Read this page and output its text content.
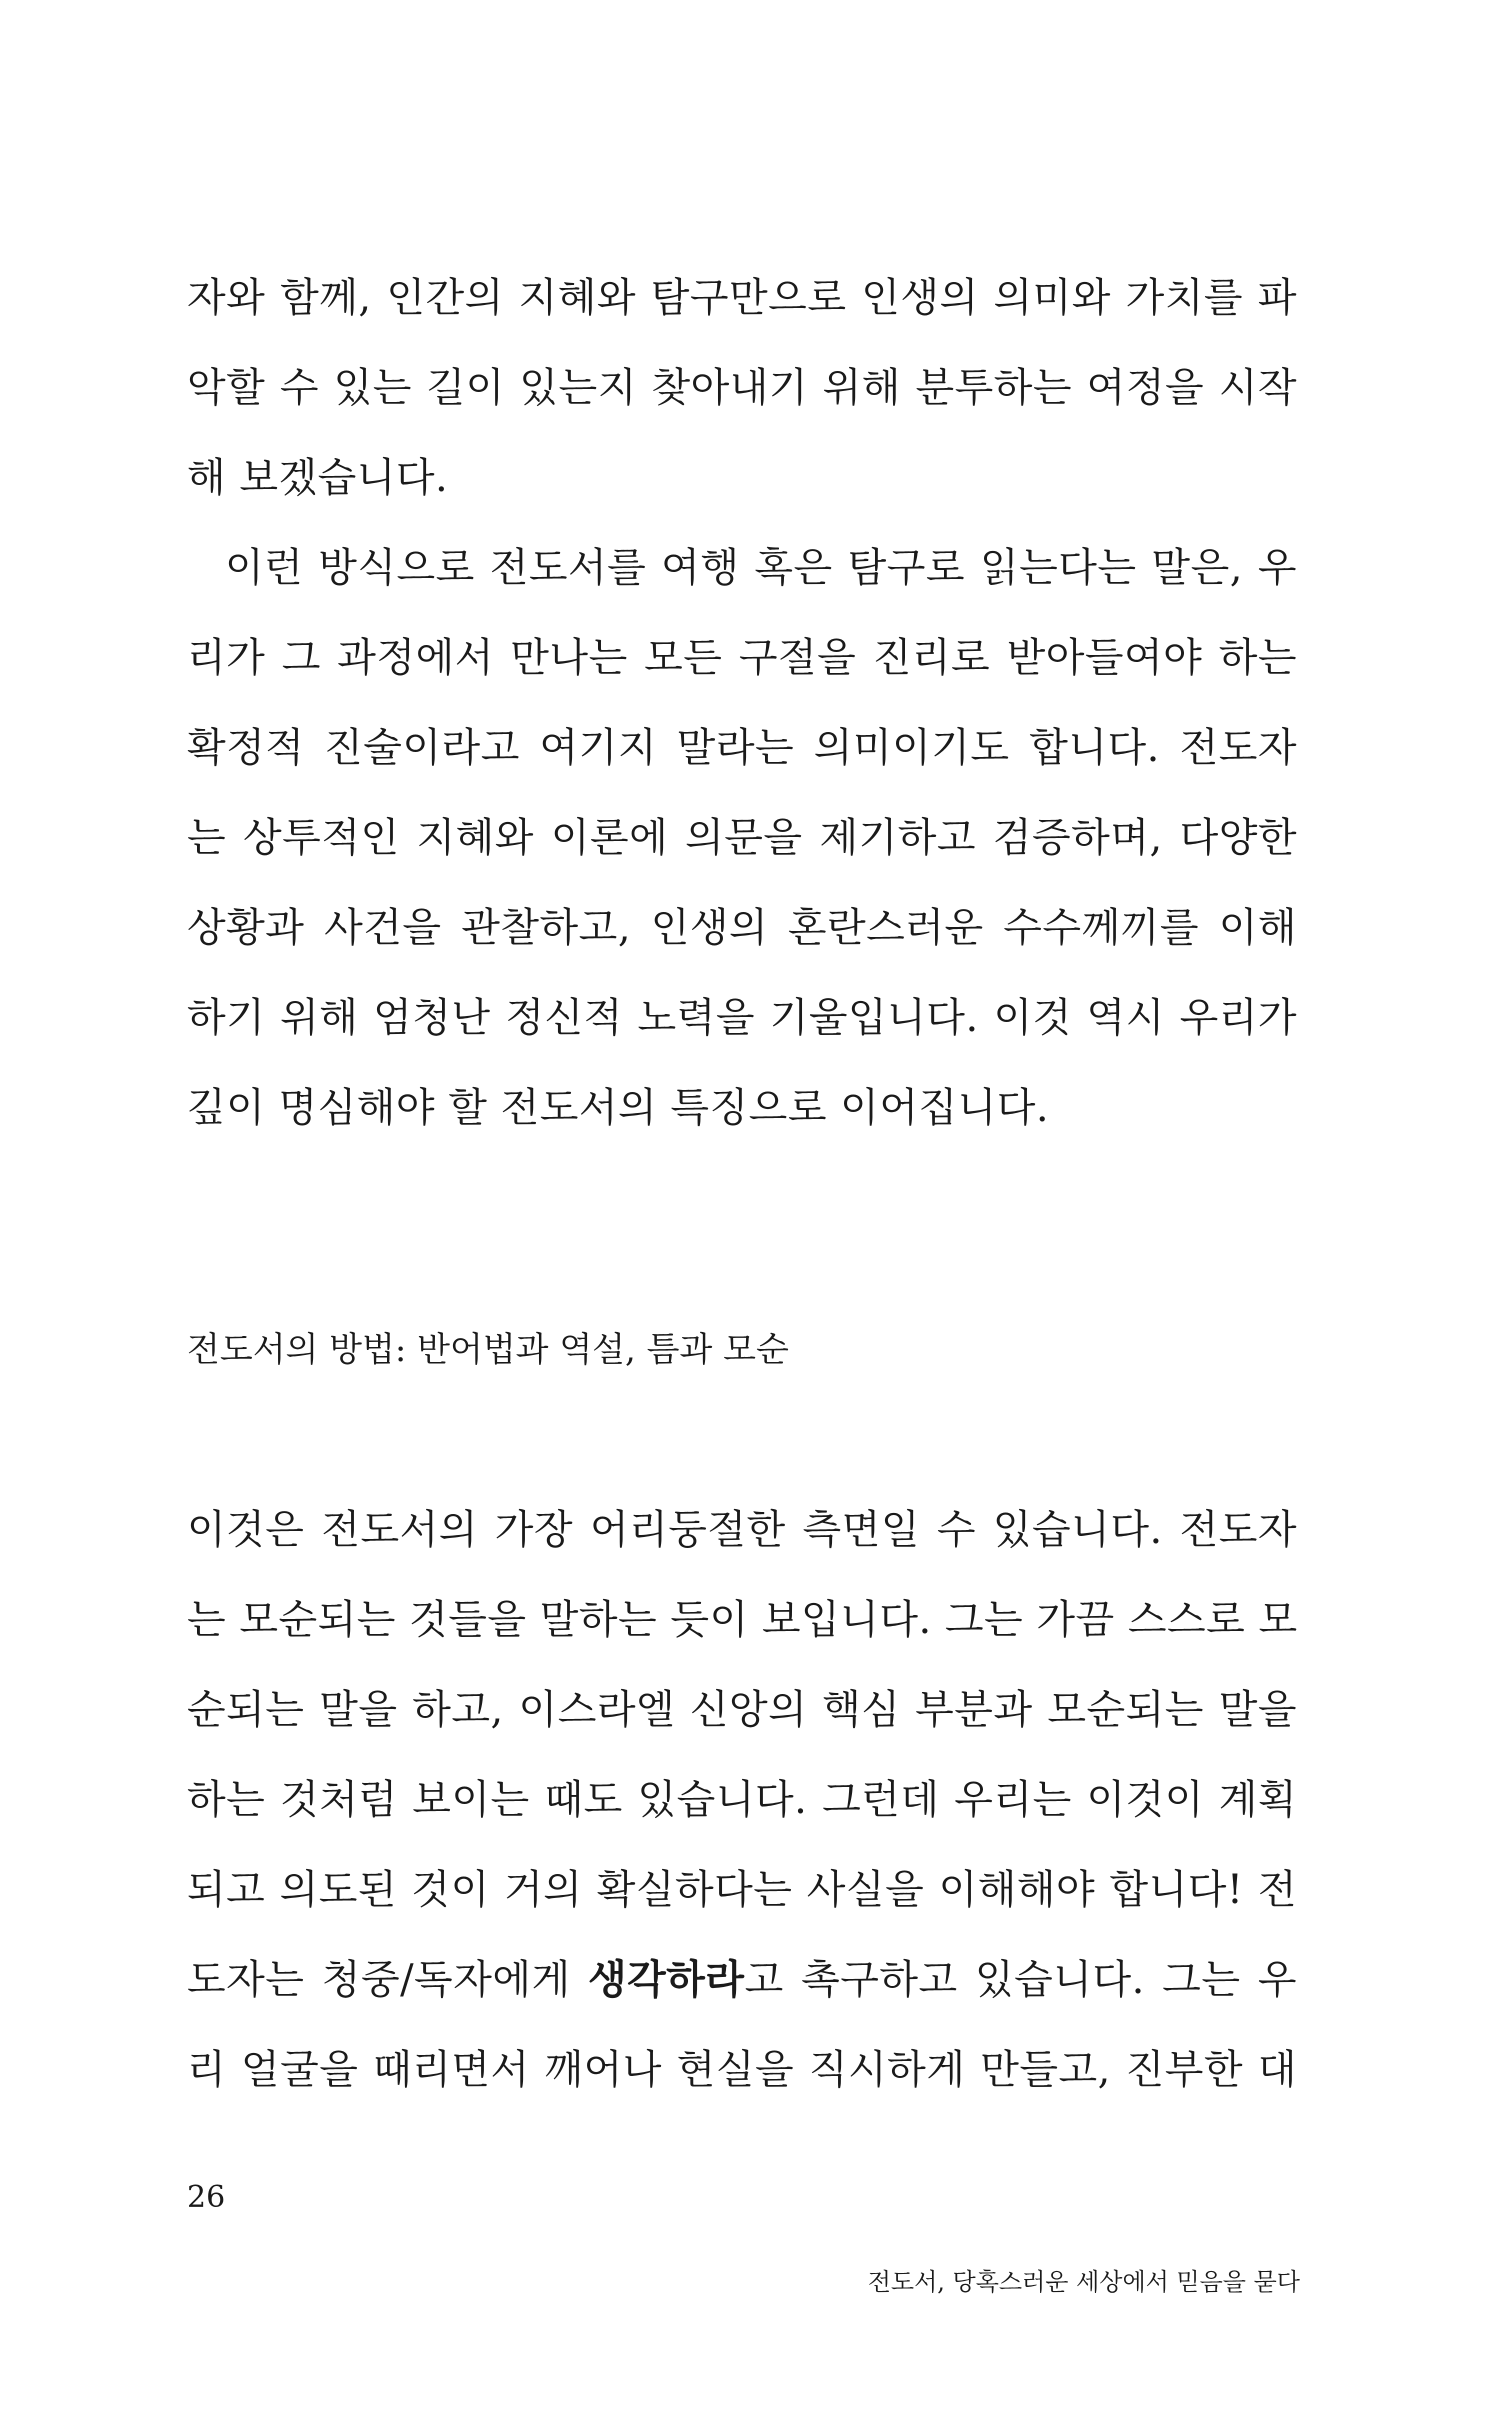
자와 함께, 인간의 지혜와 탐구만으로 인생의 의미와 가치를 파
악할 수 있는 길이 있는지 찾아내기 위해 분투하는 여정을 시작
해 보겠습니다.
이런 방식으로 전도서를 여행 혹은 탐구로 읽는다는 말은, 우
리가 그 과정에서 만나는 모든 구절을 진리로 받아들여야 하는
확정적 진술이라고 여기지 말라는 의미이기도 합니다. 전도자
는 상투적인 지혜와 이론에 의문을 제기하고 검증하며, 다양한
상황과 사건을 관찰하고, 인생의 혼란스러운 수수께끼를 이해
하기 위해 엄청난 정신적 노력을 기울입니다. 이것 역시 우리가
깊이 명심해야 할 전도서의 특징으로 이어집니다.
전도서의 방법: 반어법과 역설, 틈과 모순
이것은 전도서의 가장 어리둥절한 측면일 수 있습니다. 전도자
는 모순되는 것들을 말하는 듯이 보입니다. 그는 가끔 스스로 모
순되는 말을 하고, 이스라엘 신앙의 핵심 부분과 모순되는 말을
하는 것처럼 보이는 때도 있습니다. 그런데 우리는 이것이 계획
되고 의도된 것이 거의 확실하다는 사실을 이해해야 합니다! 전
도자는 청중/독자에게 생각하라고 촉구하고 있습니다. 그는 우
리 얼굴을 때리면서 깨어나 현실을 직시하게 만들고, 진부한 대
26
전도서, 당혹스러운 세상에서 믿음을 묻다
